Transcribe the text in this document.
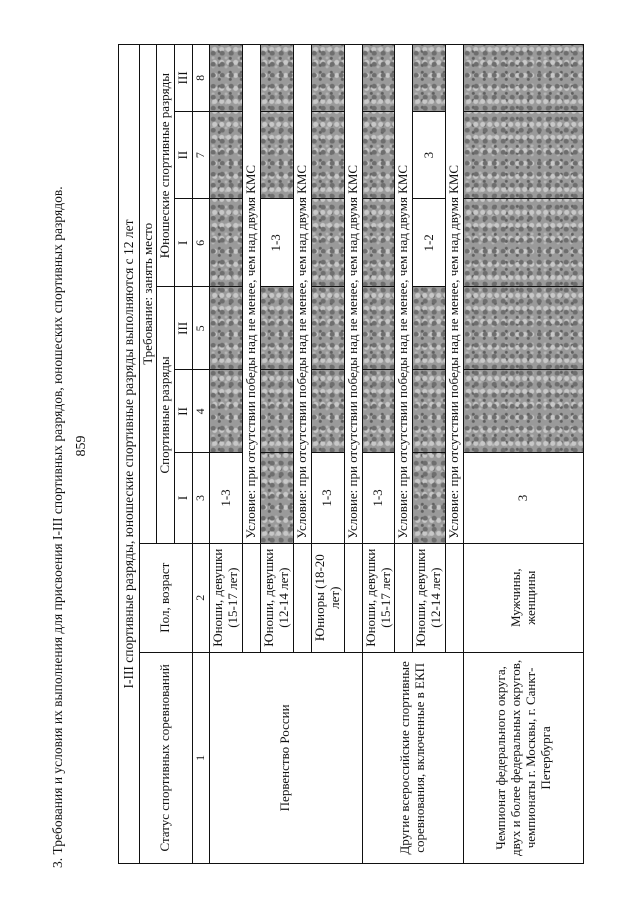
859
3. Требования и условия их выполнения для присвоения I-III спортивных разрядов, юношеских спортивных разрядов.	I-III спортивные разряды, юношеские спортивные разряды выполняются с 12 лет							
Статус спортивных соревнований	Пол, возраст	Требование: занять место					
		Спортивные разряды			Юношеские спортивные разряды		
		I	II	III	I	II	III
1	2	3	4	5	6	7	8
Первенство России	Юноши, девушки (15-17 лет)	1-3					
		Условие: при отсутствии победы над не менее, чем над двумя КМС					
	Юноши, девушки (12-14 лет)				1-3		
		Условие: при отсутствии победы над не менее, чем над двумя КМС					
	Юниоры (18-20 лет)	1-3					
		Условие: при отсутствии победы над не менее, чем над двумя КМС					
Другие всероссийские спортивные соревнования, включенные в ЕКП	Юноши, девушки (15-17 лет)	1-3					
		Условие: при отсутствии победы над не менее, чем над двумя КМС					
	Юноши, девушки (12-14 лет)				1-2	3	
		Условие: при отсутствии победы над не менее, чем над двумя КМС					
Чемпионат федерального округа, двух и более федеральных округов, чемпионаты г. Москвы, г. Санкт-Петербурга	Мужчины, женщины	3					
